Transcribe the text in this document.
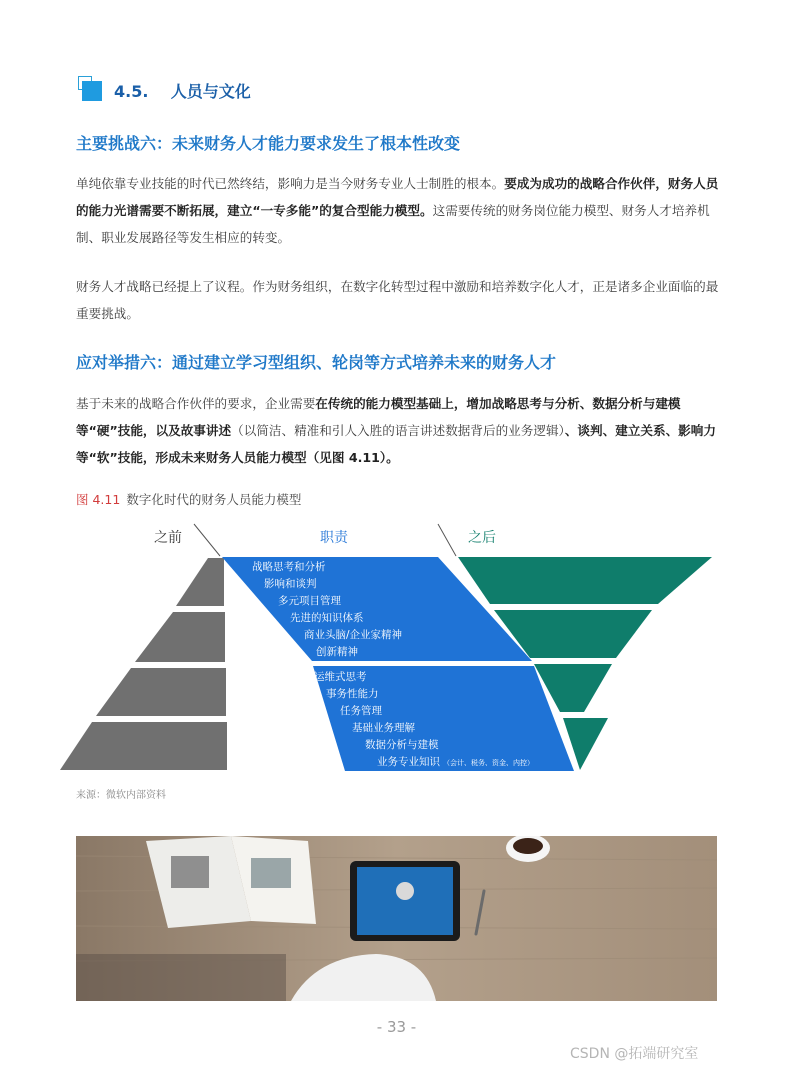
4.5. 人员与文化
主要挑战六：未来财务人才能力要求发生了根本性改变
单纯依靠专业技能的时代已然终结，影响力是当今财务专业人士制胜的根本。要成为成功的战略合作伙伴，财务人员的能力光谱需要不断拓展，建立“一专多能”的复合型能力模型。这需要传统的财务岗位能力模型、财务人才培养机制、职业发展路径等发生相应的转变。
财务人才战略已经提上了议程。作为财务组织，在数字化转型过程中激励和培养数字化人才，正是诸多企业面临的最重要挑战。
应对举措六：通过建立学习型组织、轮岗等方式培养未来的财务人才
基于未来的战略合作伙伴的要求，企业需要在传统的能力模型基础上，增加战略思考与分析、数据分析与建模等“硬”技能，以及故事讲述（以简洁、精准和引人入胜的语言讲述数据背后的业务逻辑）、谈判、建立关系、影响力等“软”技能，形成未来财务人员能力模型（见图 4.11）。
图 4.11 数字化时代的财务人员能力模型
之前	职责	之后
战略思考和分析
影响和谈判
多元项目管理
先进的知识体系
商业头脑/企业家精神
创新精神
运维式思考
事务性能力
任务管理
基础业务理解
数据分析与建模
业务专业知识 （会计、税务、资金、内控）
来源：微软内部资料
- 33 -
CSDN @拓端研究室
